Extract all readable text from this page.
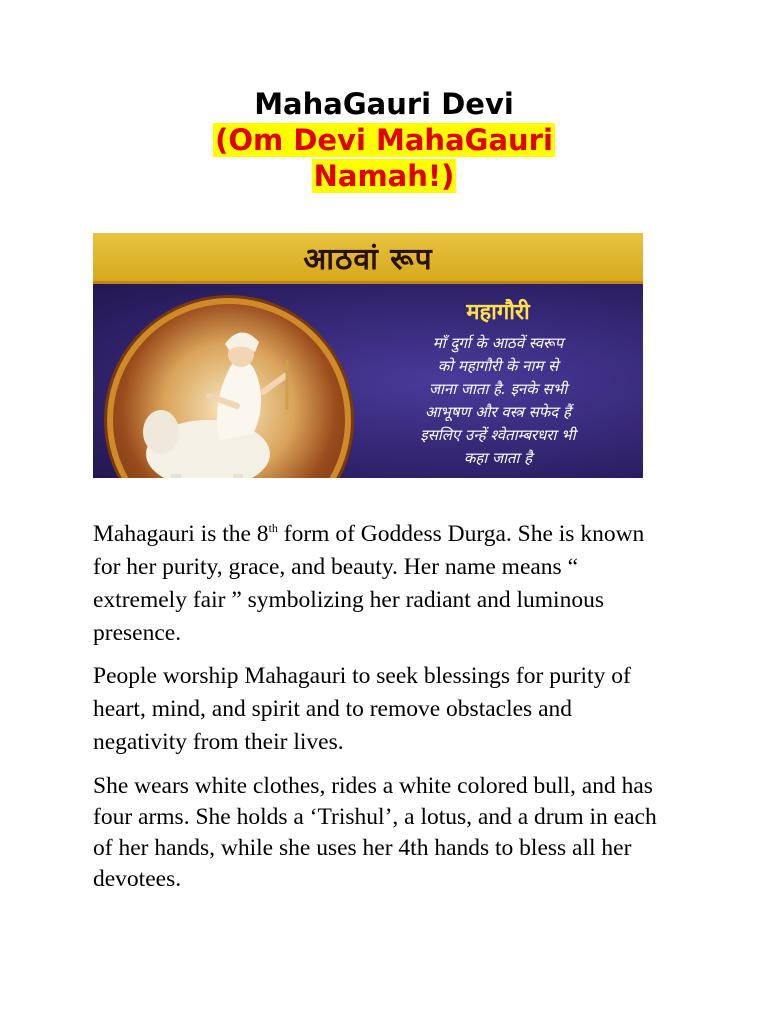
MahaGauri Devi

(Om Devi MahaGauri

Namah!)

आठवां रूप
महागौरी
माँ दुर्गा के आठवें स्वरूप
को महागौरी के नाम से
जाना जाता है. इनके सभी
आभूषण और वस्त्र सफेद हैं
इसलिए उन्हें श्वेताम्बरधरा भी
कहा जाता है

Mahagauri is the 8th form of Goddess Durga. She is known for her purity, grace, and beauty. Her name means “ extremely fair ” symbolizing her radiant and luminous presence.

People worship Mahagauri to seek blessings for purity of heart, mind, and spirit and to remove obstacles and negativity from their lives.

She wears white clothes, rides a white colored bull, and has four arms. She holds a ‘Trishul’, a lotus, and a drum in each of her hands, while she uses her 4th hands to bless all her devotees.
